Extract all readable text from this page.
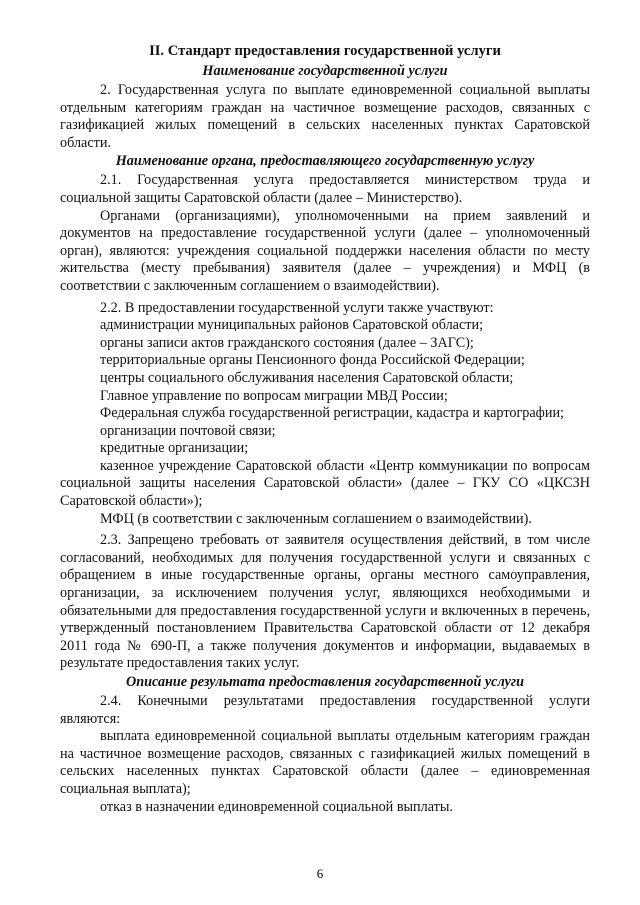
II. Стандарт предоставления государственной услуги
Наименование государственной услуги

2. Государственная услуга по выплате единовременной социальной выплаты отдельным категориям граждан на частичное возмещение расходов, связанных с газификацией жилых помещений в сельских населенных пунктах Саратовской области.

Наименование органа, предоставляющего государственную услугу

2.1. Государственная услуга предоставляется министерством труда и социальной защиты Саратовской области (далее – Министерство).

Органами (организациями), уполномоченными на прием заявлений и документов на предоставление государственной услуги (далее – уполномоченный орган), являются: учреждения социальной поддержки населения области по месту жительства (месту пребывания) заявителя (далее – учреждения) и МФЦ (в соответствии с заключенным соглашением о взаимодействии).

2.2. В предоставлении государственной услуги также участвуют:

администрации муниципальных районов Саратовской области;

органы записи актов гражданского состояния (далее – ЗАГС);

территориальные органы Пенсионного фонда Российской Федерации;

центры социального обслуживания населения Саратовской области;

Главное управление по вопросам миграции МВД России;

Федеральная служба государственной регистрации, кадастра и картографии;

организации почтовой связи;

кредитные организации;

казенное учреждение Саратовской области «Центр коммуникации по вопросам социальной защиты населения Саратовской области» (далее – ГКУ СО «ЦКСЗН Саратовской области»);

МФЦ (в соответствии с заключенным соглашением о взаимодействии).

2.3. Запрещено требовать от заявителя осуществления действий, в том числе согласований, необходимых для получения государственной услуги и связанных с обращением в иные государственные органы, органы местного самоуправления, организации, за исключением получения услуг, являющихся необходимыми и обязательными для предоставления государственной услуги и включенных в перечень, утвержденный постановлением Правительства Саратовской области от 12 декабря 2011 года № 690-П, а также получения документов и информации, выдаваемых в результате предоставления таких услуг.

Описание результата предоставления государственной услуги

2.4. Конечными результатами предоставления государственной услуги являются:

выплата единовременной социальной выплаты отдельным категориям граждан на частичное возмещение расходов, связанных с газификацией жилых помещений в сельских населенных пунктах Саратовской области (далее – единовременная социальная выплата);

отказ в назначении единовременной социальной выплаты.

6
